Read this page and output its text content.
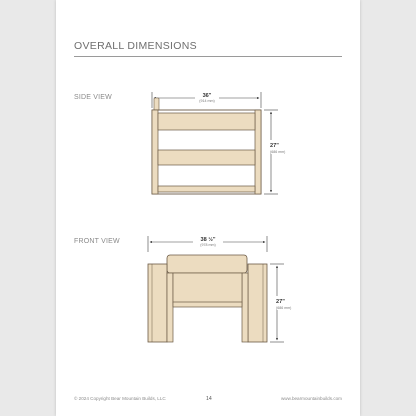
OVERALL DIMENSIONS
SIDE VIEW
FRONT VIEW
36"
(914 mm)
27"
(686 mm)
38 ½"
(978 mm)
27"
(686 mm)
© 2024 Copyright Bear Mountain Builds, LLC	14	www.bearmountainbuilds.com
